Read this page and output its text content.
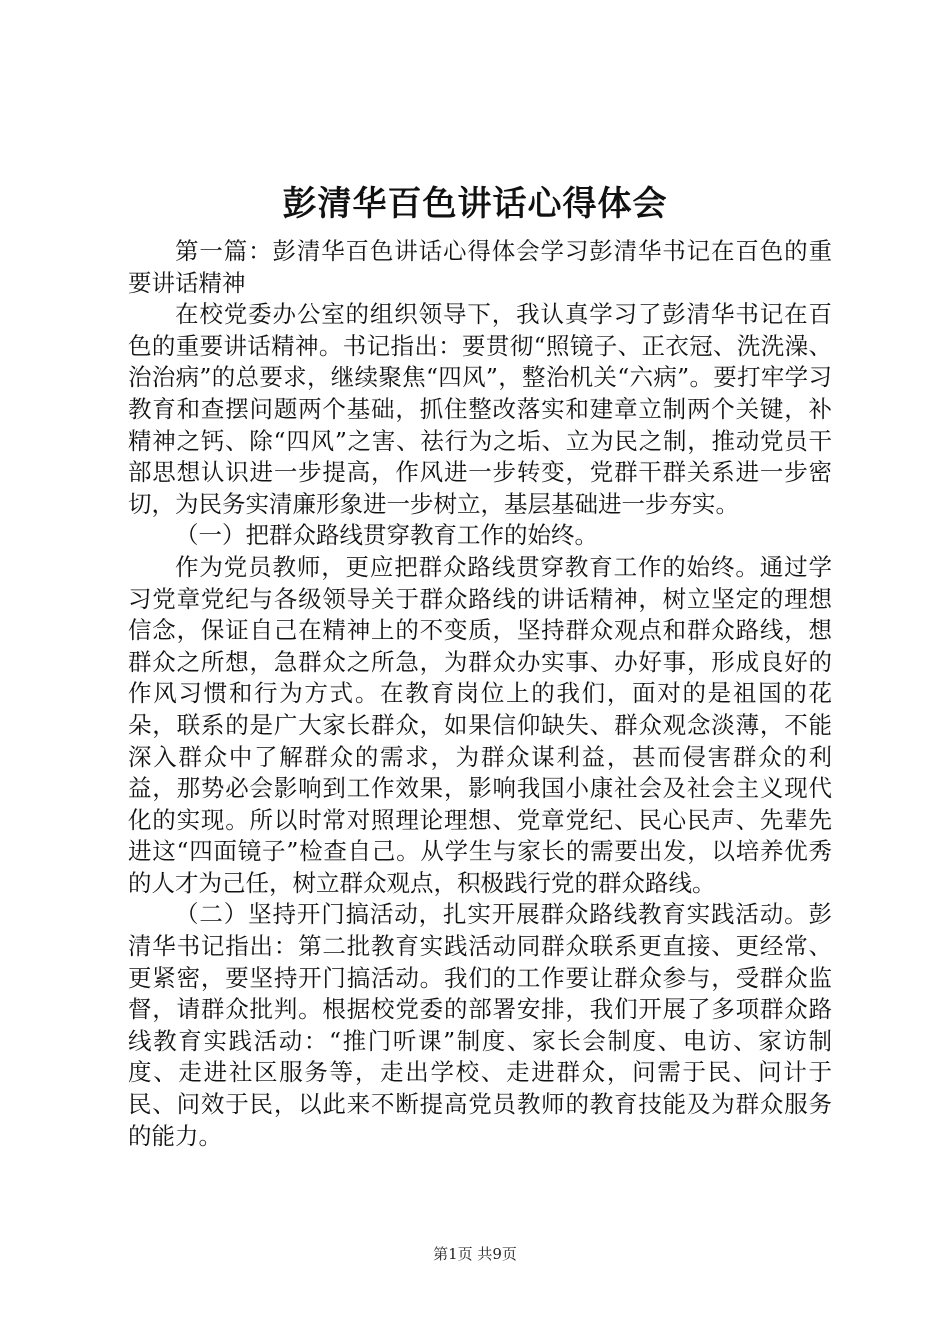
彭清华百色讲话心得体会

第一篇：彭清华百色讲话心得体会学习彭清华书记在百色的重要讲话精神

在校党委办公室的组织领导下，我认真学习了彭清华书记在百色的重要讲话精神。书记指出：要贯彻“照镜子、正衣冠、洗洗澡、治治病”的总要求，继续聚焦“四风”，整治机关“六病”。要打牢学习教育和查摆问题两个基础，抓住整改落实和建章立制两个关键，补精神之钙、除“四风”之害、祛行为之垢、立为民之制，推动党员干部思想认识进一步提高，作风进一步转变，党群干群关系进一步密切，为民务实清廉形象进一步树立，基层基础进一步夯实。

（一）把群众路线贯穿教育工作的始终。

作为党员教师，更应把群众路线贯穿教育工作的始终。通过学习党章党纪与各级领导关于群众路线的讲话精神，树立坚定的理想信念，保证自己在精神上的不变质，坚持群众观点和群众路线，想群众之所想，急群众之所急，为群众办实事、办好事，形成良好的作风习惯和行为方式。在教育岗位上的我们，面对的是祖国的花朵，联系的是广大家长群众，如果信仰缺失、群众观念淡薄，不能深入群众中了解群众的需求，为群众谋利益，甚而侵害群众的利益，那势必会影响到工作效果，影响我国小康社会及社会主义现代化的实现。所以时常对照理论理想、党章党纪、民心民声、先辈先进这“四面镜子”检查自己。从学生与家长的需要出发，以培养优秀的人才为己任，树立群众观点，积极践行党的群众路线。

（二）坚持开门搞活动，扎实开展群众路线教育实践活动。彭清华书记指出：第二批教育实践活动同群众联系更直接、更经常、更紧密，要坚持开门搞活动。我们的工作要让群众参与，受群众监督，请群众批判。根据校党委的部署安排，我们开展了多项群众路线教育实践活动：“推门听课”制度、家长会制度、电访、家访制度、走进社区服务等，走出学校、走进群众，问需于民、问计于民、问效于民，以此来不断提高党员教师的教育技能及为群众服务的能力。

第1页 共9页
